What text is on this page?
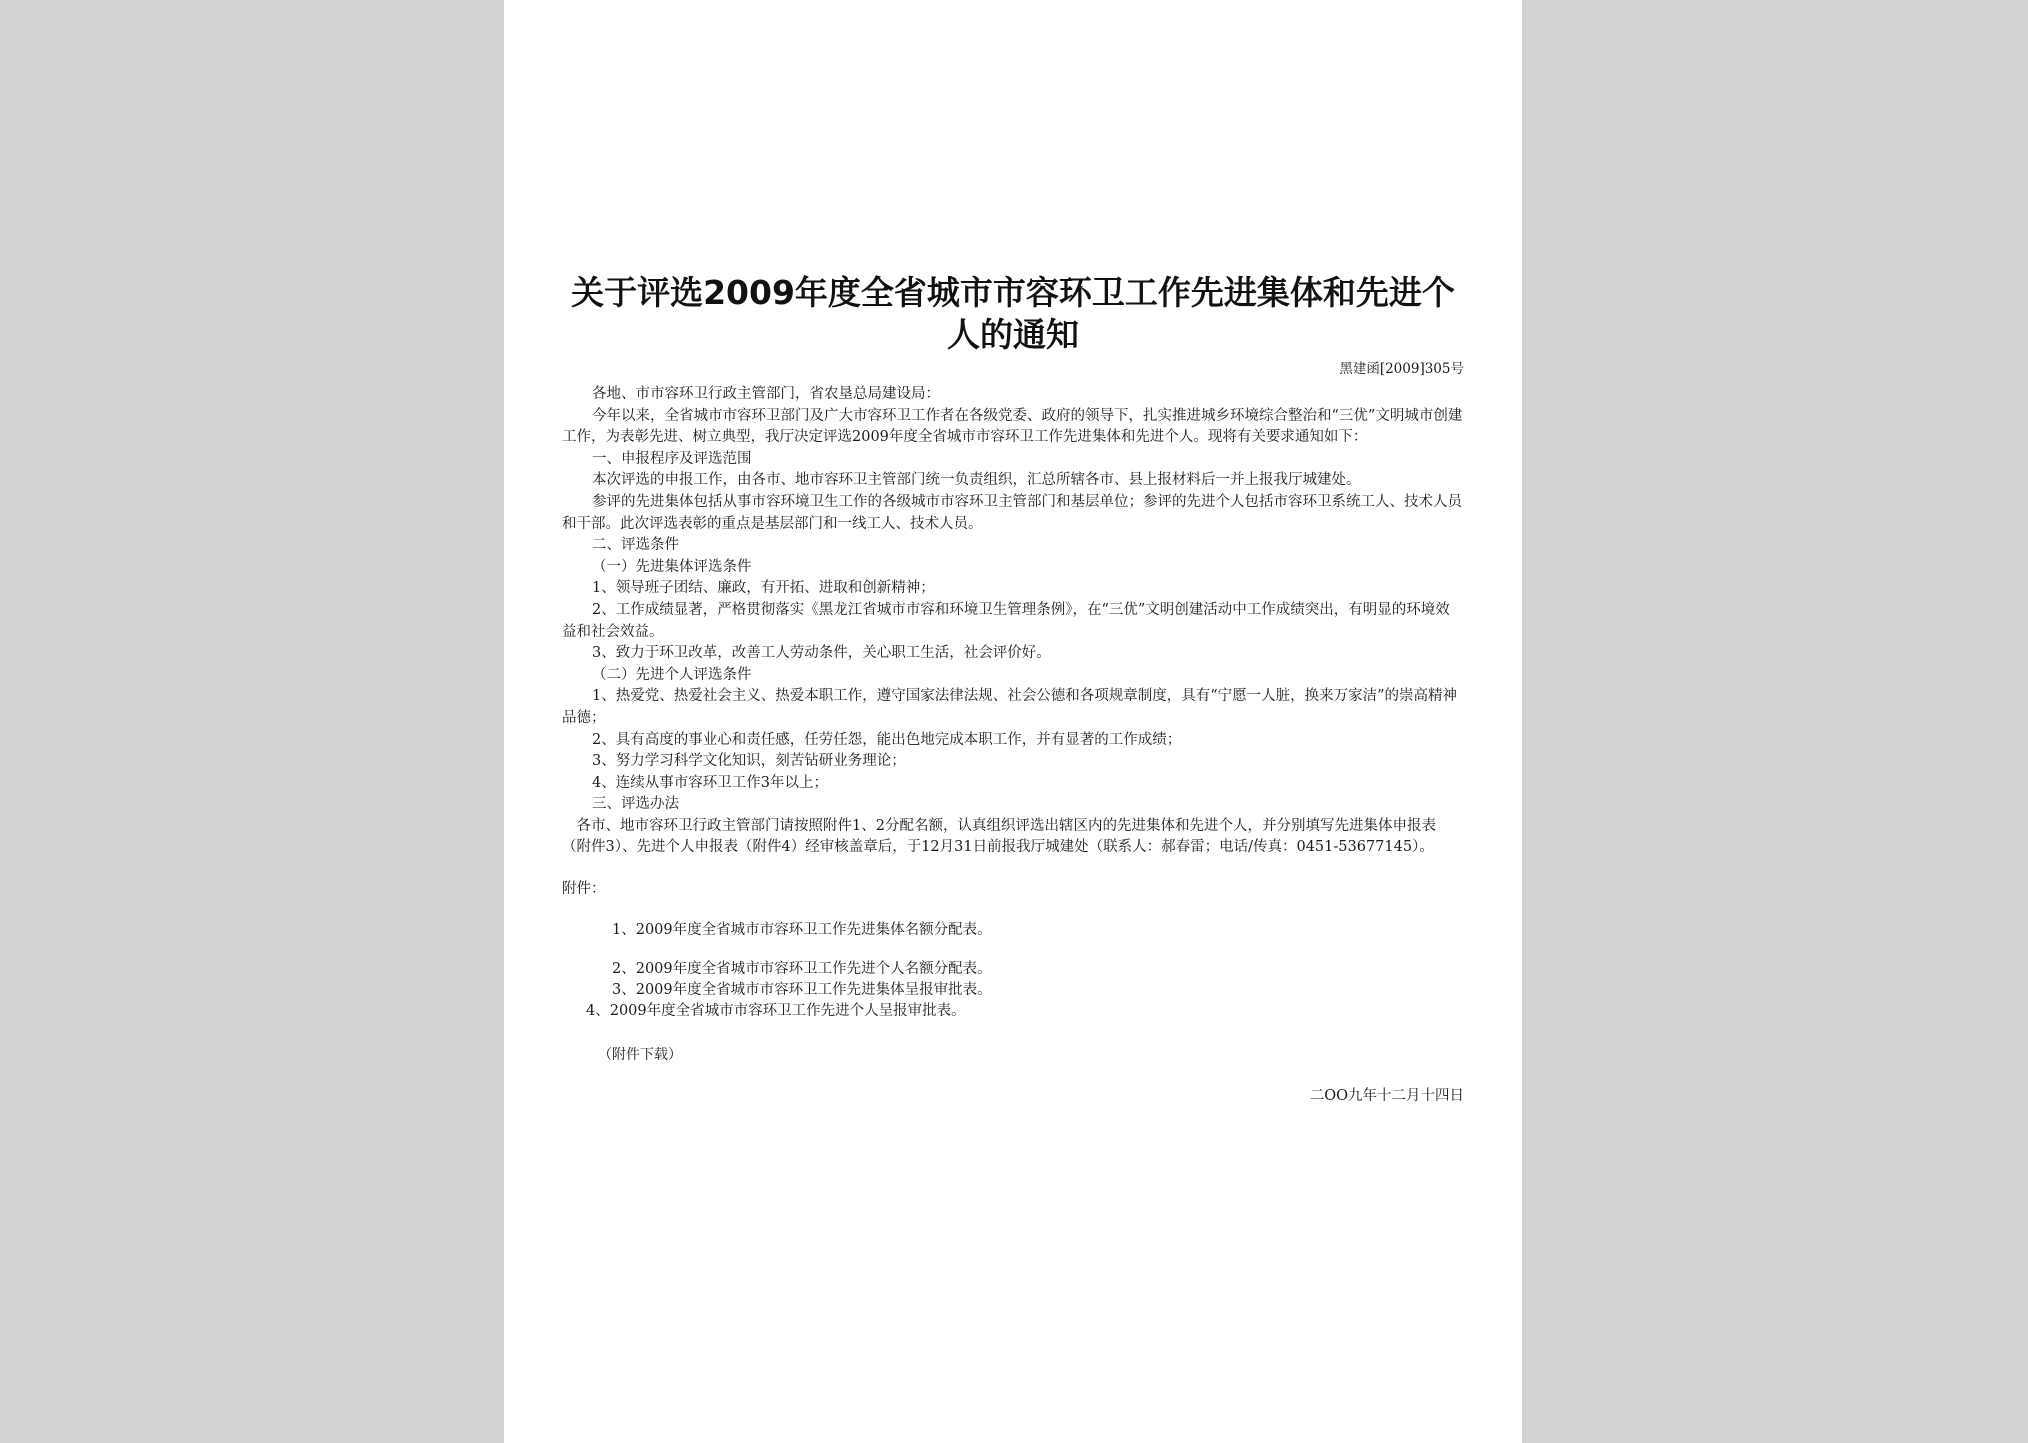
关于评选2009年度全省城市市容环卫工作先进集体和先进个人的通知
黑建函[2009]305号

各地、市市容环卫行政主管部门，省农垦总局建设局：

今年以来，全省城市市容环卫部门及广大市容环卫工作者在各级党委、政府的领导下，扎实推进城乡环境综合整治和“三优”文明城市创建工作，为表彰先进、树立典型，我厅决定评选2009年度全省城市市容环卫工作先进集体和先进个人。现将有关要求通知如下：

一、申报程序及评选范围

本次评选的申报工作，由各市、地市容环卫主管部门统一负责组织，汇总所辖各市、县上报材料后一并上报我厅城建处。

参评的先进集体包括从事市容环境卫生工作的各级城市市容环卫主管部门和基层单位；参评的先进个人包括市容环卫系统工人、技术人员和干部。此次评选表彰的重点是基层部门和一线工人、技术人员。

二、评选条件

（一）先进集体评选条件

1、领导班子团结、廉政，有开拓、进取和创新精神；

2、工作成绩显著，严格贯彻落实《黑龙江省城市市容和环境卫生管理条例》，在“三优”文明创建活动中工作成绩突出，有明显的环境效益和社会效益。

3、致力于环卫改革，改善工人劳动条件，关心职工生活，社会评价好。

（二）先进个人评选条件

1、热爱党、热爱社会主义、热爱本职工作，遵守国家法律法规、社会公德和各项规章制度，具有“宁愿一人脏，换来万家洁”的崇高精神品德；

2、具有高度的事业心和责任感，任劳任怨，能出色地完成本职工作，并有显著的工作成绩；

3、努力学习科学文化知识，刻苦钻研业务理论；

4、连续从事市容环卫工作3年以上；

三、评选办法

　各市、地市容环卫行政主管部门请按照附件1、2分配名额，认真组织评选出辖区内的先进集体和先进个人，并分别填写先进集体申报表（附件3）、先进个人申报表（附件4）经审核盖章后，于12月31日前报我厅城建处（联系人：郝春雷；电话/传真：0451-53677145）。

附件：

1、2009年度全省城市市容环卫工作先进集体名额分配表。

2、2009年度全省城市市容环卫工作先进个人名额分配表。

3、2009年度全省城市市容环卫工作先进集体呈报审批表。

4、2009年度全省城市市容环卫工作先进个人呈报审批表。

（附件下载）
二OO九年十二月十四日
